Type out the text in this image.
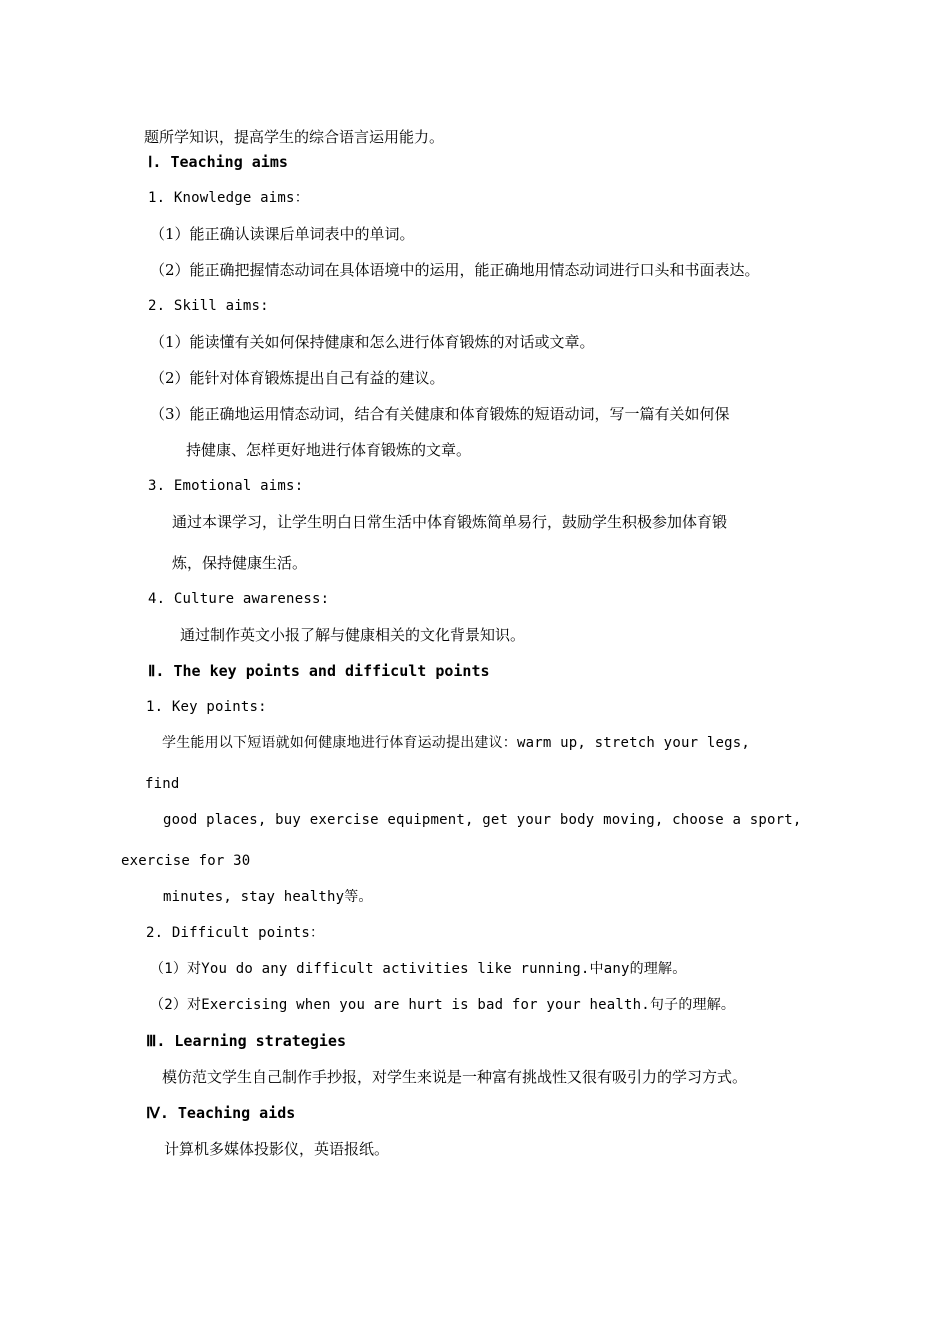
题所学知识，提高学生的综合语言运用能力。
Ⅰ. Teaching aims
1. Knowledge aims：
（1）能正确认读课后单词表中的单词。
（2）能正确把握情态动词在具体语境中的运用，能正确地用情态动词进行口头和书面表达。
2. Skill aims:
（1）能读懂有关如何保持健康和怎么进行体育锻炼的对话或文章。
（2）能针对体育锻炼提出自己有益的建议。
（3）能正确地运用情态动词，结合有关健康和体育锻炼的短语动词，写一篇有关如何保
持健康、怎样更好地进行体育锻炼的文章。
3. Emotional aims:
通过本课学习，让学生明白日常生活中体育锻炼简单易行，鼓励学生积极参加体育锻
炼，保持健康生活。
4. Culture awareness:
通过制作英文小报了解与健康相关的文化背景知识。
Ⅱ. The key points and difficult points
1. Key points:
学生能用以下短语就如何健康地进行体育运动提出建议：warm up, stretch your legs,
find
good places, buy exercise equipment, get your body moving, choose a sport,
exercise for 30
minutes, stay healthy等。
2. Difficult points：
（1）对You do any difficult activities like running.中any的理解。
（2）对Exercising when you are hurt is bad for your health.句子的理解。
Ⅲ. Learning strategies
模仿范文学生自己制作手抄报，对学生来说是一种富有挑战性又很有吸引力的学习方式。
Ⅳ. Teaching aids
计算机多媒体投影仪，英语报纸。
